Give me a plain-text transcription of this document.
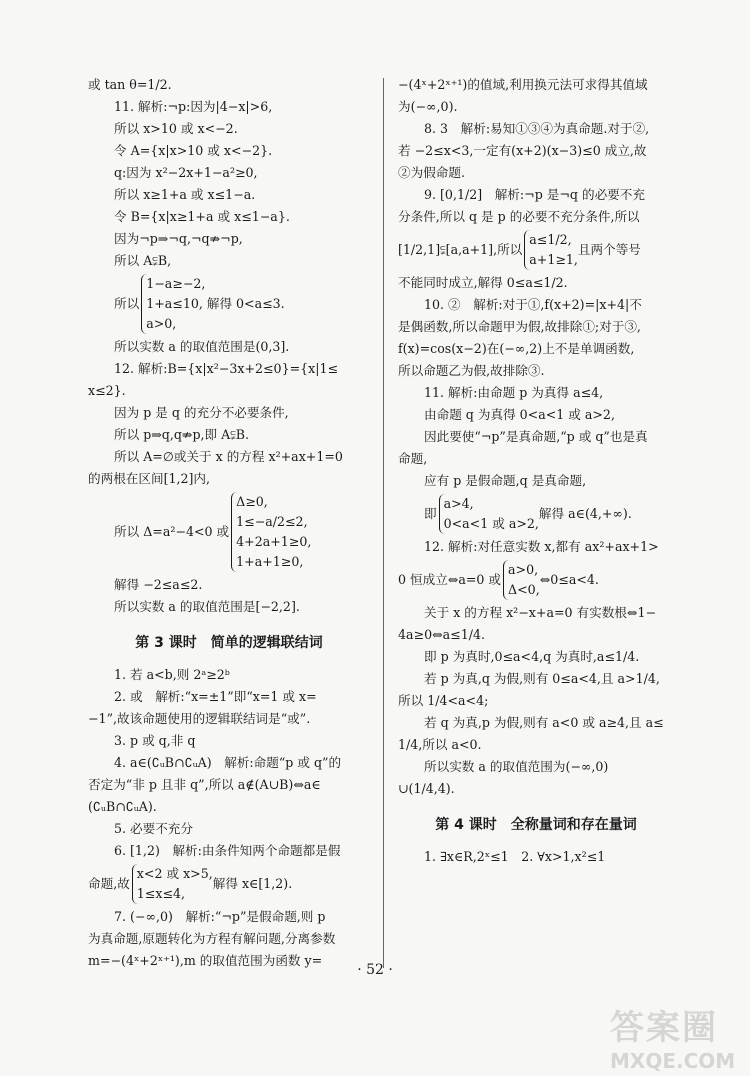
或 tan θ=1/2.
11. 解析:¬p:因为|4−x|>6,
所以 x>10 或 x<−2.
令 A={x|x>10 或 x<−2}.
q:因为 x²−2x+1−a²≥0,
所以 x≥1+a 或 x≤1−a.
令 B={x|x≥1+a 或 x≤1−a}.
因为¬p⇒¬q,¬q⇏¬p,
所以 A⫋B,
所以
1−a≥−2,
1+a≤10, 解得 0<a≤3.
a>0,
所以实数 a 的取值范围是(0,3].
12. 解析:B={x|x²−3x+2≤0}={x|1≤
x≤2}.
因为 p 是 q 的充分不必要条件,
所以 p⇒q,q⇏p,即 A⫋B.
所以 A=∅或关于 x 的方程 x²+ax+1=0
的两根在区间[1,2]内,
所以 Δ=a²−4<0 或
Δ≥0,
1≤−a/2≤2,
4+2a+1≥0,
1+a+1≥0,
解得 −2≤a≤2.
所以实数 a 的取值范围是[−2,2].
第 3 课时　简单的逻辑联结词
1. 若 a<b,则 2ᵃ≥2ᵇ
2. 或　解析:“x=±1”即“x=1 或 x=
−1”,故该命题使用的逻辑联结词是“或”.
3. p 或 q,非 q
4. a∈(∁ᵤB∩∁ᵤA)　解析:命题“p 或 q”的
否定为“非 p 且非 q”,所以 a∉(A∪B)⇔a∈
(∁ᵤB∩∁ᵤA).
5. 必要不充分
6. [1,2)　解析:由条件知两个命题都是假
命题,故
x<2 或 x>5,
1≤x≤4,
解得 x∈[1,2).
7. (−∞,0)　解析:“¬p”是假命题,则 p
为真命题,原题转化为方程有解问题,分离参数
m=−(4ˣ+2ˣ⁺¹),m 的取值范围为函数 y=
−(4ˣ+2ˣ⁺¹)的值域,利用换元法可求得其值域
为(−∞,0).
8. 3　解析:易知①③④为真命题.对于②,
若 −2≤x<3,一定有(x+2)(x−3)≤0 成立,故
②为假命题.
9. [0,1/2]　解析:¬p 是¬q 的必要不充
分条件,所以 q 是 p 的必要不充分条件,所以
[1/2,1]⫋[a,a+1],所以
a≤1/2,
a+1≥1,
且两个等号
不能同时成立,解得 0≤a≤1/2.
10. ②　解析:对于①,f(x+2)=|x+4|不
是偶函数,所以命题甲为假,故排除①;对于③,
f(x)=cos(x−2)在(−∞,2)上不是单调函数,
所以命题乙为假,故排除③.
11. 解析:由命题 p 为真得 a≤4,
由命题 q 为真得 0<a<1 或 a>2,
因此要使“¬p”是真命题,“p 或 q”也是真
命题,
应有 p 是假命题,q 是真命题,
即
a>4,
0<a<1 或 a>2,
解得 a∈(4,+∞).
12. 解析:对任意实数 x,都有 ax²+ax+1>
0 恒成立⇔a=0 或
a>0,
Δ<0,
⇔0≤a<4.
关于 x 的方程 x²−x+a=0 有实数根⇔1−
4a≥0⇔a≤1/4.
即 p 为真时,0≤a<4,q 为真时,a≤1/4.
若 p 为真,q 为假,则有 0≤a<4,且 a>1/4,
所以 1/4<a<4;
若 q 为真,p 为假,则有 a<0 或 a≥4,且 a≤
1/4,所以 a<0.
所以实数 a 的取值范围为(−∞,0)
∪(1/4,4).
第 4 课时　全称量词和存在量词
1. ∃x∈R,2ˣ≤1　2. ∀x>1,x²≤1
· 52 ·
答案圈
MXQE.COM
